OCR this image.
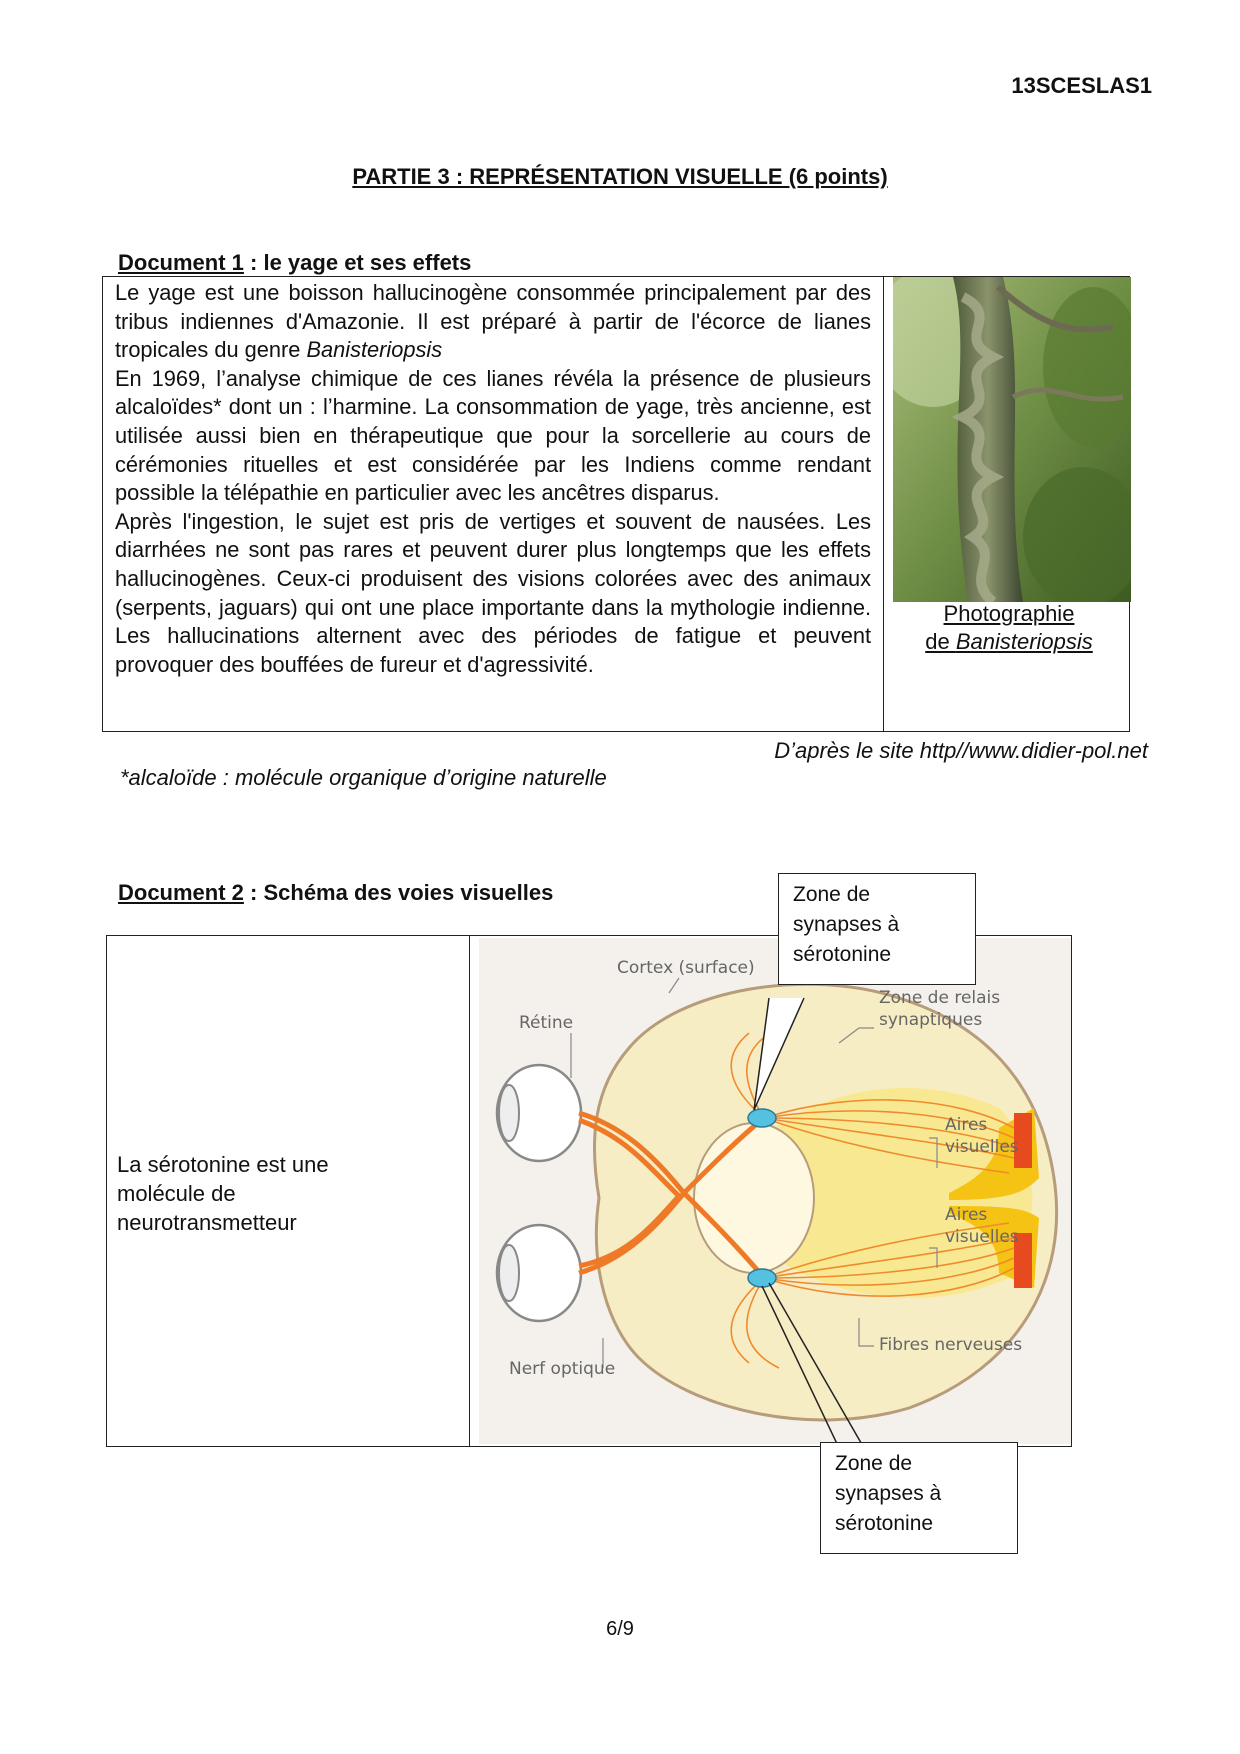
13SCESLAS1
PARTIE 3 : REPRÉSENTATION VISUELLE (6 points)
Document 1 : le yage et ses effets
Le yage est une boisson hallucinogène consommée principalement par des tribus indiennes d'Amazonie. Il est préparé à partir de l'écorce de lianes tropicales du genre Banisteriopsis
En 1969, l’analyse chimique de ces lianes révéla la présence de plusieurs alcaloïdes* dont un : l’harmine. La consommation de yage, très ancienne, est utilisée aussi bien en thérapeutique que pour la sorcellerie au cours de cérémonies rituelles et est considérée par les Indiens comme rendant possible la télépathie en particulier avec les ancêtres disparus.
Après l'ingestion, le sujet est pris de vertiges et souvent de nausées. Les diarrhées ne sont pas rares et peuvent durer plus longtemps que les effets hallucinogènes. Ceux-ci produisent des visions colorées avec des animaux (serpents, jaguars) qui ont une place importante dans la mythologie indienne. Les hallucinations alternent avec des périodes de fatigue et peuvent provoquer des bouffées de fureur et d'agressivité.
Photographie
de Banisteriopsis
D’après le site http//www.didier-pol.net
*alcaloïde : molécule organique d’origine naturelle
Document 2 : Schéma des voies visuelles
La sérotonine est une molécule de neurotransmetteur
Cortex (surface)
Rétine
Zone de relais
synaptiques
Aires
visuelles
Aires
visuelles
Fibres nerveuses
Nerf optique
Zone de synapses à sérotonine
Zone de synapses à sérotonine
6/9
